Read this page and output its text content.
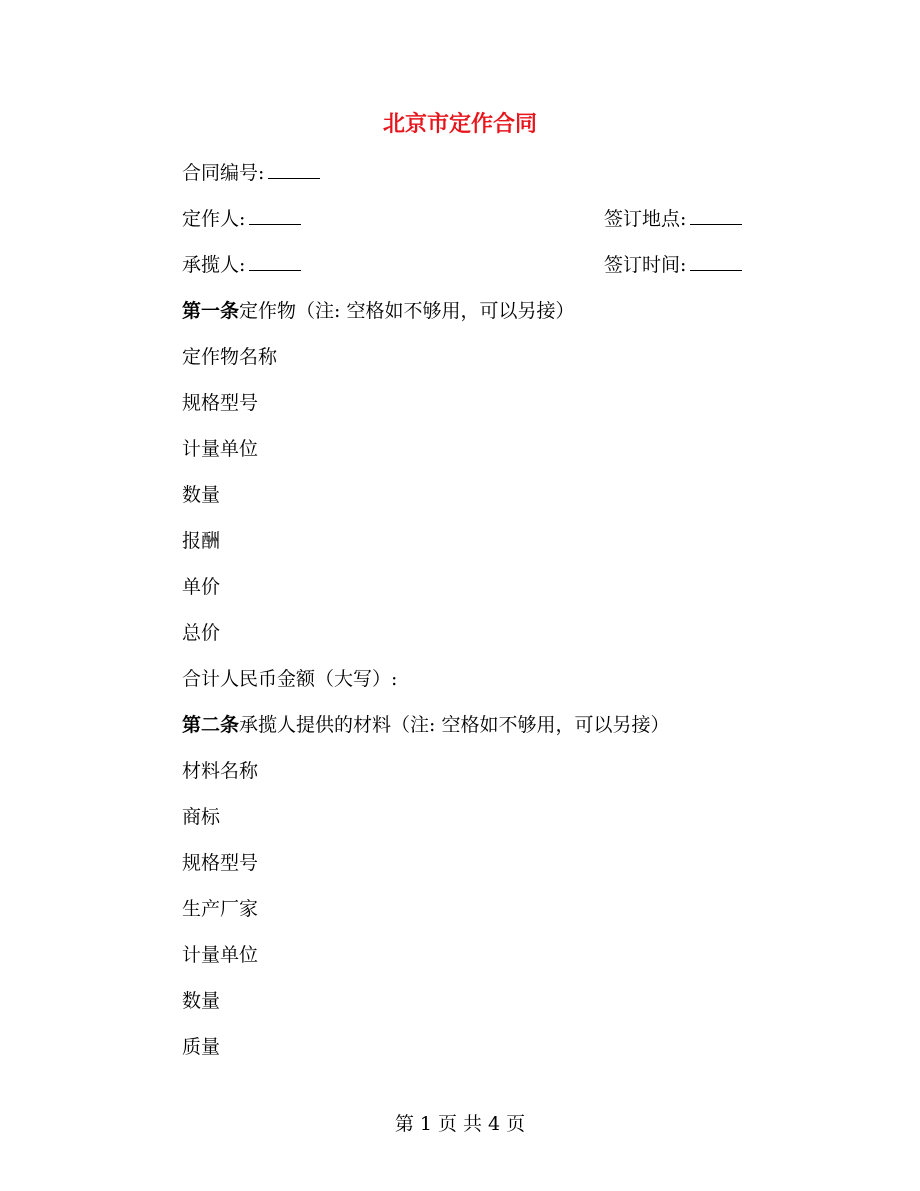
北京市定作合同
合同编号:
定作人:	签订地点:
承揽人:	签订时间:
第一条定作物（注: 空格如不够用，可以另接）
定作物名称
规格型号
计量单位
数量
报酬
单价
总价
合计人民币金额（大写）:
第二条承揽人提供的材料（注: 空格如不够用，可以另接）
材料名称
商标
规格型号
生产厂家
计量单位
数量
质量
第 1 页 共 4 页
